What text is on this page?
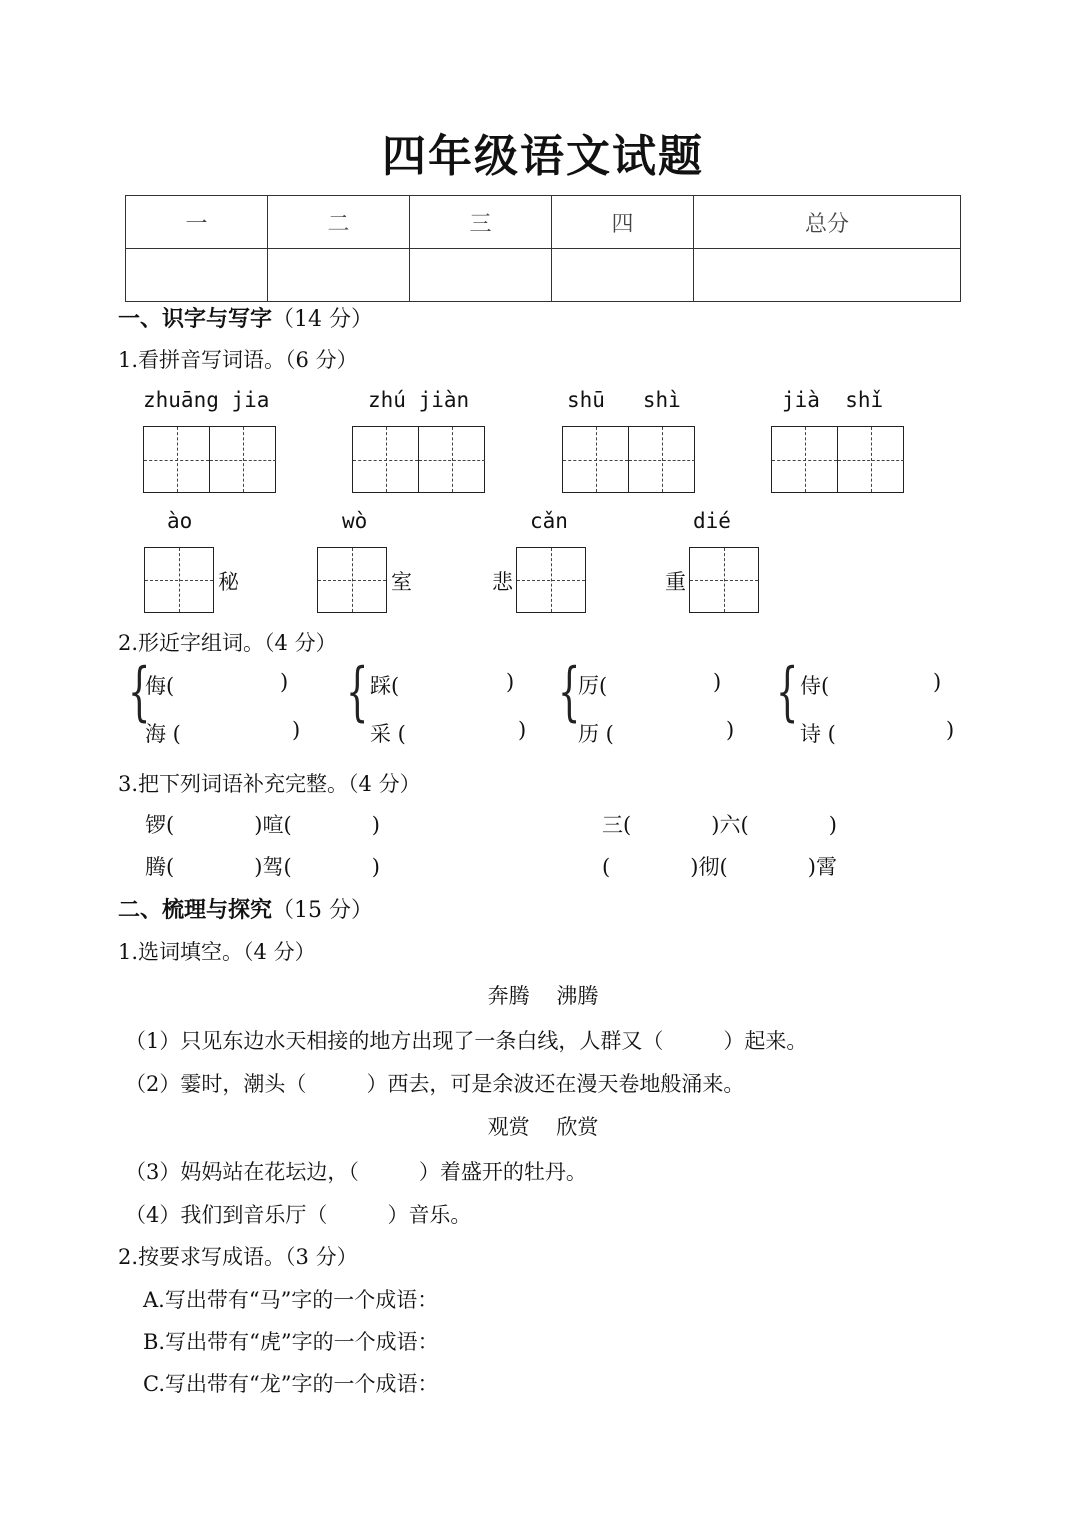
四年级语文试题
一	二	三	四	总分

一、识字与写字（14 分）
1.看拼音写词语。（6 分）
zhuāng jia	zhú jiàn	shū   shì	jià  shǐ
ào	wò	cǎn	dié
秘	室	悲	重
2.形近字组词。（4 分）
{
侮(	)
海 (	)
{ 踩(	)
采 (	)
{
厉(	)
历 (	)
{ 侍(	)
诗 (	)
3.把下列词语补充完整。（4 分）
锣(            )喧(            )	三(            )六(            )
腾(            )驾(            )	(            )彻(            )霄
二、梳理与探究（15 分）
1.选词填空。（4 分）
奔腾    沸腾
（1）只见东边水天相接的地方出现了一条白线，人群又（         ）起来。
（2）霎时，潮头（         ）西去，可是余波还在漫天卷地般涌来。
观赏    欣赏
（3）妈妈站在花坛边，（         ）着盛开的牡丹。
（4）我们到音乐厅（         ）音乐。
2.按要求写成语。（3 分）
A.写出带有“马”字的一个成语：
B.写出带有“虎”字的一个成语：
C.写出带有“龙”字的一个成语：
